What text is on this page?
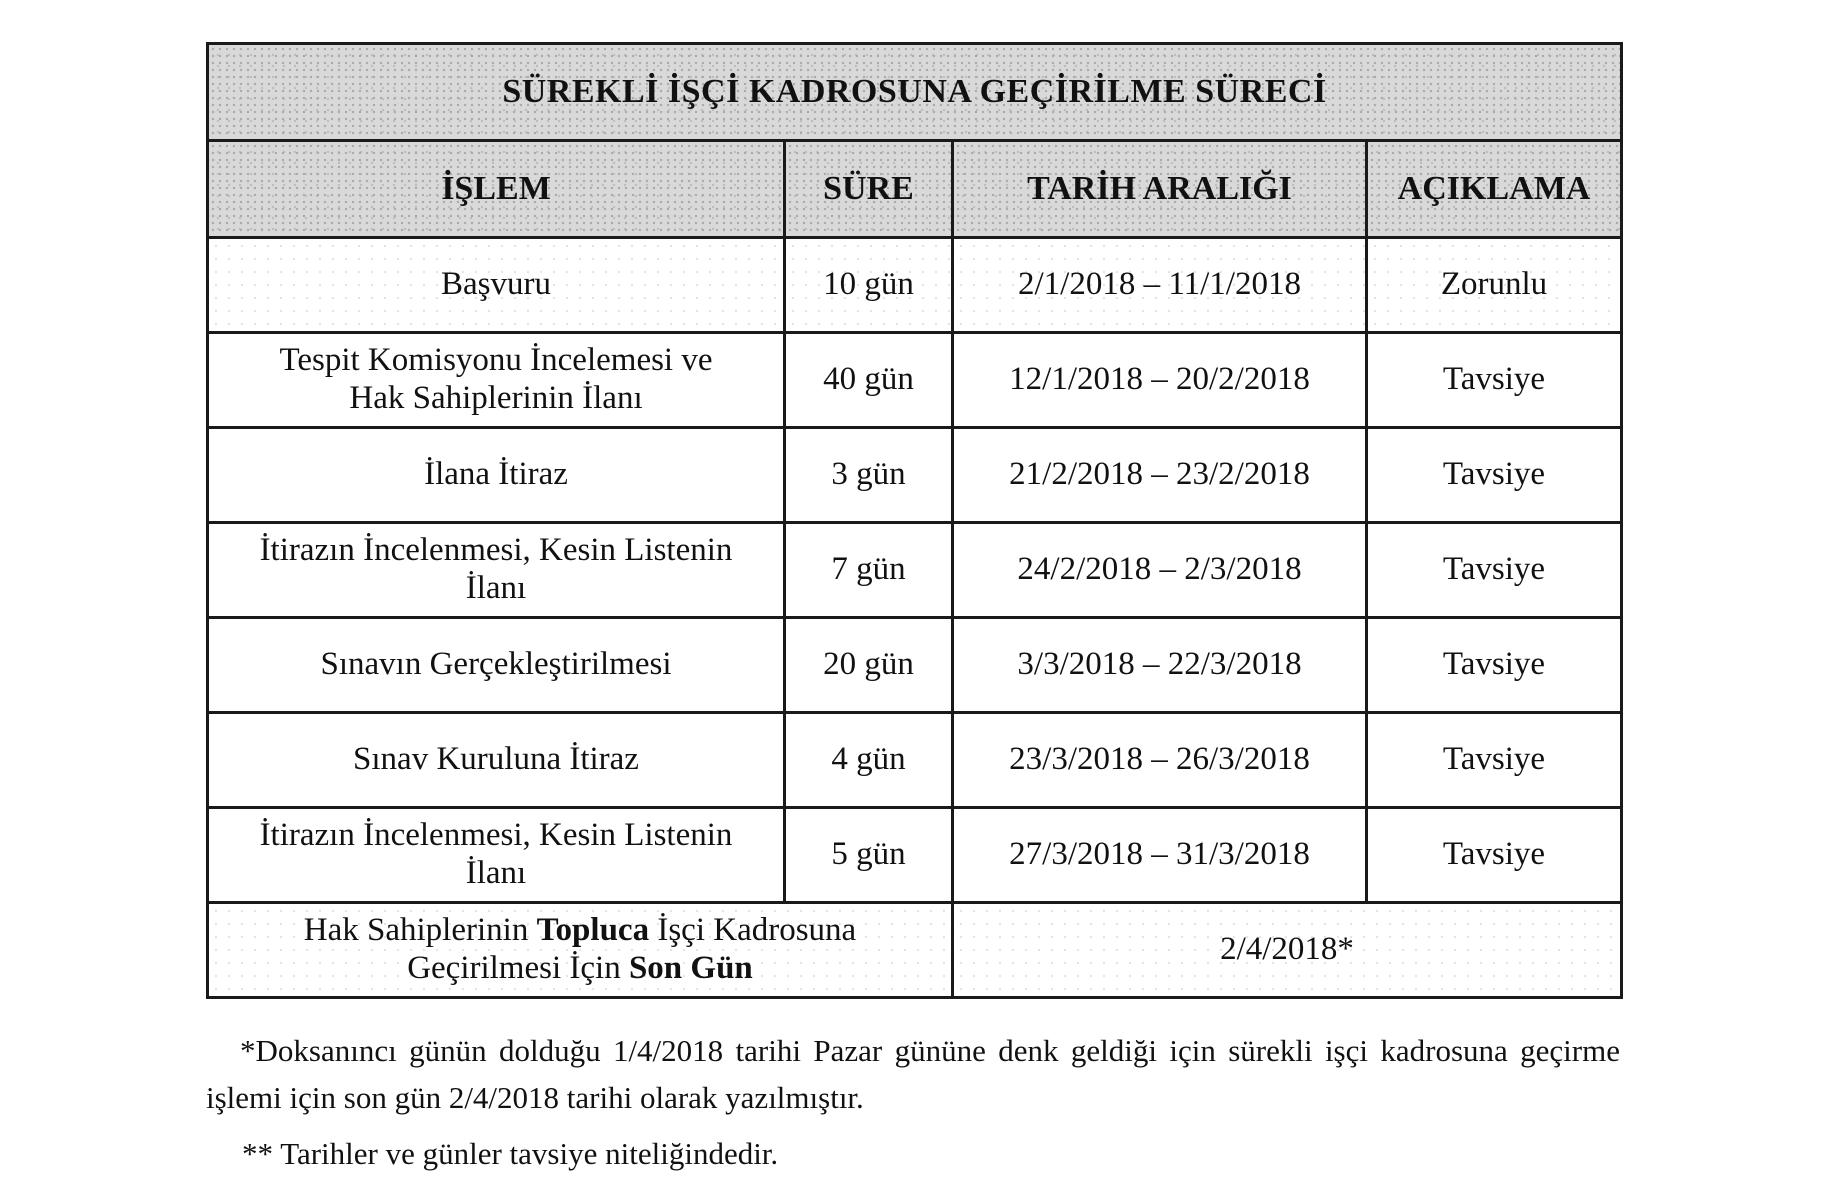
SÜREKLİ İŞÇİ KADROSUNA GEÇİRİLME SÜRECİ			
İŞLEM	SÜRE	TARİH ARALIĞI	AÇIKLAMA
Başvuru	10 gün	2/1/2018 – 11/1/2018	Zorunlu
Tespit Komisyonu İncelemesi ve
Hak Sahiplerinin İlanı	40 gün	12/1/2018 – 20/2/2018	Tavsiye
İlana İtiraz	3 gün	21/2/2018 – 23/2/2018	Tavsiye
İtirazın İncelenmesi, Kesin Listenin
İlanı	7 gün	24/2/2018 – 2/3/2018	Tavsiye
Sınavın Gerçekleştirilmesi	20 gün	3/3/2018 – 22/3/2018	Tavsiye
Sınav Kuruluna İtiraz	4 gün	23/3/2018 – 26/3/2018	Tavsiye
İtirazın İncelenmesi, Kesin Listenin
İlanı	5 gün	27/3/2018 – 31/3/2018	Tavsiye
Hak Sahiplerinin Topluca İşçi Kadrosuna
Geçirilmesi İçin Son Gün		2/4/2018*	

*Doksanıncı günün dolduğu 1/4/2018 tarihi Pazar gününe denk geldiği için sürekli işçi kadrosuna geçirme işlemi için son gün 2/4/2018 tarihi olarak yazılmıştır.

** Tarihler ve günler tavsiye niteliğindedir.
